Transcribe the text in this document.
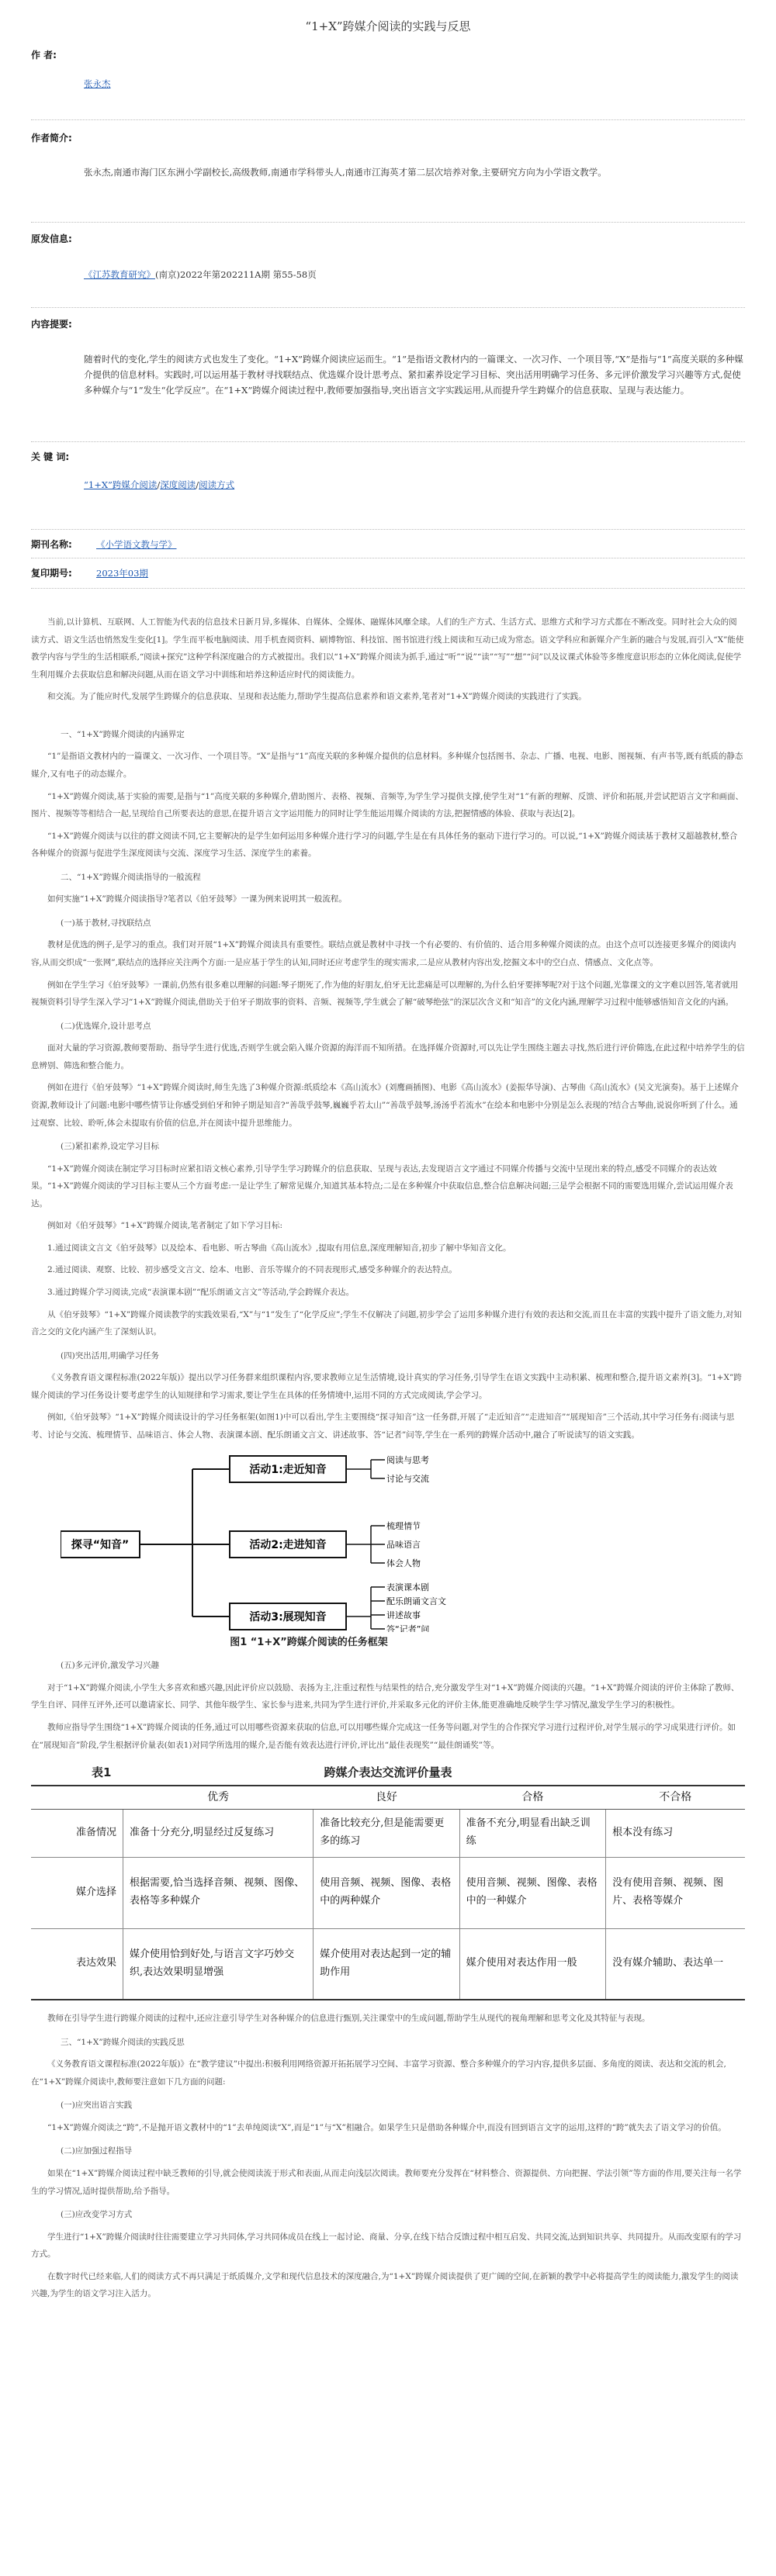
“1+X”跨媒介阅读的实践与反思
作 者:
张永杰
作者简介:
张永杰,南通市海门区东洲小学副校长,高级教师,南通市学科带头人,南通市江海英才第二层次培养对象,主要研究方向为小学语文教学。
原发信息:
《江苏教育研究》(南京)2022年第202211A期 第55-58页
内容提要:
随着时代的变化,学生的阅读方式也发生了变化。“1+X”跨媒介阅读应运而生。“1”是指语文教材内的一篇课文、一次习作、一个项目等,“X”是指与“1”高度关联的多种媒介提供的信息材料。实践时,可以运用基于教材寻找联结点、优选媒介设计思考点、紧扣素养设定学习目标、突出活用明确学习任务、多元评价激发学习兴趣等方式,促使多种媒介与“1”发生“化学反应”。在“1+X”跨媒介阅读过程中,教师要加强指导,突出语言文字实践运用,从而提升学生跨媒介的信息获取、呈现与表达能力。
关 键 词:
“1+X”跨媒介阅读/深度阅读/阅读方式
期刊名称:	《小学语文教与学》
复印期号:	2023年03期

当前,以计算机、互联网、人工智能为代表的信息技术日新月异,多媒体、自媒体、全媒体、融媒体风靡全球。人们的生产方式、生活方式、思维方式和学习方式都在不断改变。同时社会大众的阅读方式、语文生活也悄然发生变化[1]。学生而平板电脑阅读、用手机查阅资料、刷博物馆、科技馆、图书馆进行线上阅读和互动已成为常态。语文学科应和新媒介产生新的融合与发展,而引入“X”能使教学内容与学生的生活相联系,“阅读+探究”这种学科深度融合的方式被提出。我们以“1+X”跨媒介阅读为抓手,通过“听”“说”“读”“写”“想”“问”以及议课式体验等多维度意识形态的立体化阅读,促使学生利用媒介去获取信息和解决问题,从而在语文学习中训练和培养这种适应时代的阅读能力。

和交流。为了能应时代,发展学生跨媒介的信息获取、呈现和表达能力,帮助学生提高信息素养和语文素养,笔者对“1+X”跨媒介阅读的实践进行了实践。

一、“1+X”跨媒介阅读的内涵界定

“1”是指语文教材内的一篇课文、一次习作、一个项目等。“X”是指与“1”高度关联的多种媒介提供的信息材料。多种媒介包括图书、杂志、广播、电视、电影、图视频、有声书等,既有纸质的静态媒介,又有电子的动态媒介。

“1+X”跨媒介阅读,基于实验的需要,是指与“1”高度关联的多种媒介,借助图片、表格、视频、音频等,为学生学习提供支撑,使学生对“1”有新的理解、反馈、评价和拓展,并尝试把语言文字和画面、图片、视频等等相结合一起,呈现给自己所要表达的意思,在提升语言文字运用能力的同时让学生能运用媒介阅读的方法,把握情感的体验、获取与表达[2]。

“1+X”跨媒介阅读与以往的群文阅读不同,它主要解决的是学生如何运用多种媒介进行学习的问题,学生是在有具体任务的驱动下进行学习的。可以说,“1+X”跨媒介阅读基于教材又超越教材,整合各种媒介的资源与促进学生深度阅读与交流、深度学习生活、深度学生的素養。

二、“1+X”跨媒介阅读指导的一般流程

如何实施“1+X”跨媒介阅读指导?笔者以《伯牙鼓琴》一课为例来说明其一般流程。

(一)基于教材,寻找联结点

教材是优选的例子,是学习的重点。我们对开展“1+X”跨媒介阅读具有重要性。联结点就是教材中寻找一个有必要的、有价值的、适合用多种媒介阅读的点。由这个点可以连接更多媒介的阅读内容,从而交织成“一张网”,联结点的选择应关注两个方面:一是应基于学生的认知,同时还应考虑学生的现实需求,二是应从教材内容出发,挖掘文本中的空白点、情感点、文化点等。

例如在学生学习《伯牙鼓琴》一课前,仍然有很多难以理解的问题:琴子期死了,作为他的好朋友,伯牙无比悲痛是可以理解的,为什么伯牙要摔琴呢?对于这个问题,光靠课文的文字难以回答,笔者就用视频资料引导学生深入学习“1+X”跨媒介阅读,借助关于伯牙子期故事的资料、音频、视频等,学生就会了解“破琴绝弦”的深层次含义和“知音”的文化内涵,理解学习过程中能够感悟知音文化的内涵。

(二)优选媒介,设计思考点

面对大量的学习资源,教师要帮助、指导学生进行优选,否则学生就会陷入媒介资源的海洋而不知所措。在选择媒介资源时,可以先让学生围绕主题去寻找,然后进行评价筛选,在此过程中培养学生的信息辨别、筛选和整合能力。

例如在进行《伯牙鼓琴》“1+X”跨媒介阅读时,师生先选了3种媒介资源:纸质绘本《高山流水》(刘鹰画插图)、电影《高山流水》(姜振华导演)、古琴曲《高山流水》(吴文光演奏)。基于上述媒介资源,教师设计了问题:电影中哪些情节让你感受到伯牙和钟子期是知音?“善哉乎鼓琴,巍巍乎若太山”“善哉乎鼓琴,汤汤乎若流水”在绘本和电影中分别是怎么表现的?结合古琴曲,说说你听到了什么。通过观察、比较、聆听,体会未提取有价值的信息,并在阅读中提升思维能力。

(三)紧扣素养,设定学习目标

“1+X”跨媒介阅读在制定学习目标时应紧扣语文核心素养,引导学生学习跨媒介的信息获取、呈现与表达,去发现语言文字通过不同媒介传播与交流中呈现出来的特点,感受不同媒介的表达效果。“1+X”跨媒介阅读的学习目标主要从三个方面考虑:一是让学生了解常见媒介,知道其基本特点;二是在多种媒介中获取信息,整合信息解决问题;三是学会根据不同的需要选用媒介,尝试运用媒介表达。

例如对《伯牙鼓琴》“1+X”跨媒介阅读,笔者制定了如下学习目标:

1.通过阅读文言文《伯牙鼓琴》以及绘本、看电影、听古琴曲《高山流水》,提取有用信息,深度理解知音,初步了解中华知音文化。

2.通过阅读、观察、比较、初步感受文言文、绘本、电影、音乐等媒介的不同表现形式,感受多种媒介的表达特点。

3.通过跨媒介学习阅读,完成“表演课本剧”“配乐朗诵文言文”等活动,学会跨媒介表达。

从《伯牙鼓琴》“1+X”跨媒介阅读教学的实践效果看,“X”与“1”发生了“化学反应”;学生不仅解决了问题,初步学会了运用多种媒介进行有效的表达和交流,而且在丰富的实践中提升了语文能力,对知音之交的文化内涵产生了深刻认识。

(四)突出活用,明确学习任务

《义务教育语文课程标准(2022年版)》提出以学习任务群来组织课程内容,要求教师立足生活情境,设计真实的学习任务,引导学生在语文实践中主动积累、梳理和整合,提升语文素养[3]。“1+X”跨媒介阅读的学习任务设计要考虑学生的认知规律和学习需求,要让学生在具体的任务情境中,运用不同的方式完成阅读,学会学习。

例如,《伯牙鼓琴》“1+X”跨媒介阅读设计的学习任务框架(如图1)中可以看出,学生主要围绕“探寻知音”这一任务群,开展了“走近知音”“走进知音”“展现知音”三个活动,其中学习任务有:阅读与思考、讨论与交流、梳理情节、品味语言、体会人物、表演课本剧、配乐朗诵文言文、讲述故事、答“记者”问等,学生在一系列的跨媒介活动中,融合了听说读写的语文实践。

探寻“知音”
活动1:走近知音
活动2:走进知音
活动3:展现知音
阅读与思考
讨论与交流
梳理情节
品味语言
体会人物
表演课本剧
配乐朗诵文言文
讲述故事
答“记者”问
图1 “1+X”跨媒介阅读的任务框架
(五)多元评价,激发学习兴趣

对于“1+X”跨媒介阅读,小学生大多喜欢和感兴趣,因此评价应以鼓励、表扬为主,注重过程性与结果性的结合,充分激发学生对“1+X”跨媒介阅读的兴趣。“1+X”跨媒介阅读的评价主体除了教师、学生自评、同伴互评外,还可以邀请家长、同学、其他年级学生、家长参与进来,共同为学生进行评价,并采取多元化的评价主体,能更准确地反映学生学习情况,激发学生学习的积极性。

教师应指导学生围绕“1+X”跨媒介阅读的任务,通过可以用哪些资源来获取的信息,可以用哪些媒介完成这一任务等问题,对学生的合作探究学习进行过程评价,对学生展示的学习成果进行评价。如在“展现知音”阶段,学生根据评价量表(如表1)对同学所选用的媒介,是否能有效表达进行评价,评比出“最佳表现奖”“最佳朗诵奖”等。

表1	跨媒介表达交流评价量表
	优秀	良好	合格	不合格
准备情况	准备十分充分,明显经过反复练习	准备比较充分,但是能需要更多的练习	准备不充分,明显看出缺乏训练	根本没有练习
媒介选择	根据需要,恰当选择音频、视频、图像、表格等多种媒介	使用音频、视频、图像、表格中的两种媒介	使用音频、视频、图像、表格中的一种媒介	没有使用音频、视频、图片、表格等媒介
表达效果	媒介使用恰到好处,与语言文字巧妙交织,表达效果明显增强	媒介使用对表达起到一定的辅助作用	媒介使用对表达作用一般	没有媒介辅助、表达单一

教师在引导学生进行跨媒介阅读的过程中,还应注意引导学生对各种媒介的信息进行甄别,关注课堂中的生成问题,帮助学生从现代的视角理解和思考文化及其特征与表现。

三、“1+X”跨媒介阅读的实践反思

《义务教育语文课程标准(2022年版)》在“教学建议”中提出:积极利用网络资源开拓拓展学习空间、丰富学习资源、整合多种媒介的学习内容,提供多层面、多角度的阅读、表达和交流的机会,在“1+X”跨媒介阅读中,教师要注意如下几方面的问题:

(一)应突出语言实践

“1+X”跨媒介阅读之“跨”,不是抛开语文教材中的“1”去单纯阅读“X”,而是“1”与“X”相融合。如果学生只是借助各种媒介中,而没有回到语言文字的运用,这样的“跨”就失去了语文学习的价值。

(二)应加强过程指导

如果在“1+X”跨媒介阅读过程中缺乏教师的引导,就会使阅读流于形式和表面,从而走向浅层次阅读。教师要充分发挥在“材料整合、资源提供、方向把握、学法引领”等方面的作用,要关注每一名学生的学习情况,适时提供帮助,给予指导。

(三)应改变学习方式

学生进行“1+X”跨媒介阅读时往往需要建立学习共同体,学习共同体成员在线上一起讨论、商量、分享,在线下结合反馈过程中相互启发、共同交流,达到知识共享、共同提升。从而改变原有的学习方式。

在数字时代已经来临,人们的阅读方式不再只满足于纸质媒介,文学和现代信息技术的深度融合,为“1+X”跨媒介阅读提供了更广阔的空间,在新颖的教学中必将提高学生的阅读能力,激发学生的阅读兴趣,为学生的语文学习注入活力。
